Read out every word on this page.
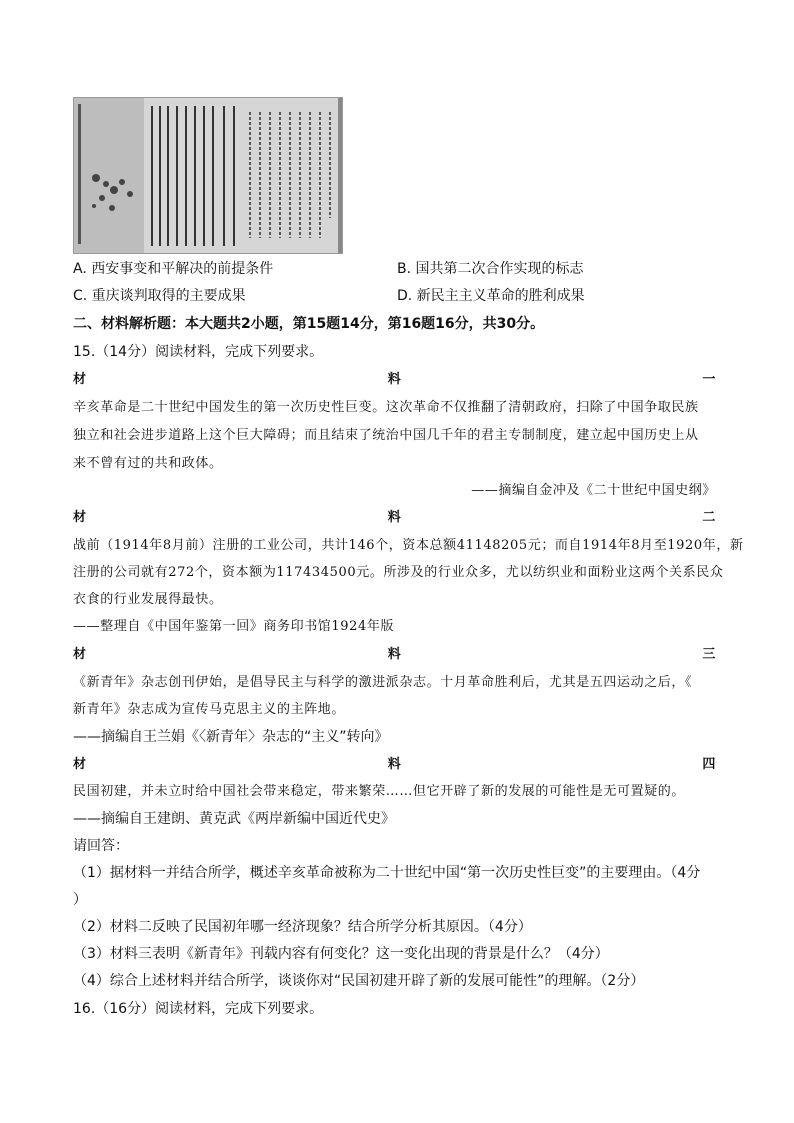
A. 西安事变和平解决的前提条件	B. 国共第二次合作实现的标志
C. 重庆谈判取得的主要成果	D. 新民主主义革命的胜利成果
二、材料解析题：本大题共2小题，第15题14分，第16题16分，共30分。
15.（14分）阅读材料，完成下列要求。
材	料	一
辛亥革命是二十世纪中国发生的第一次历史性巨变。这次革命不仅推翻了清朝政府，扫除了中国争取民族
独立和社会进步道路上这个巨大障碍；而且结束了统治中国几千年的君主专制制度，建立起中国历史上从
来不曾有过的共和政体。
——摘编自金冲及《二十世纪中国史纲》
材	料	二
战前（1914年8月前）注册的工业公司，共计146个，资本总额41148205元；而自1914年8月至1920年，新
注册的公司就有272个，资本额为117434500元。所涉及的行业众多，尤以纺织业和面粉业这两个关系民众
衣食的行业发展得最快。
——整理自《中国年鉴第一回》商务印书馆1924年版
材	料	三
《新青年》杂志创刊伊始，是倡导民主与科学的激进派杂志。十月革命胜利后，尤其是五四运动之后，《
新青年》杂志成为宣传马克思主义的主阵地。
——摘编自王兰娟《〈新青年〉杂志的“主义”转向》
材	料	四
民国初建，并未立时给中国社会带来稳定，带来繁荣……但它开辟了新的发展的可能性是无可置疑的。
——摘编自王建朗、黄克武《两岸新编中国近代史》
请回答：
（1）据材料一并结合所学，概述辛亥革命被称为二十世纪中国“第一次历史性巨变”的主要理由。（4分
）
（2）材料二反映了民国初年哪一经济现象？结合所学分析其原因。（4分）
（3）材料三表明《新青年》刊载内容有何变化？这一变化出现的背景是什么？（4分）
（4）综合上述材料并结合所学，谈谈你对“民国初建开辟了新的发展可能性”的理解。（2分）
16.（16分）阅读材料，完成下列要求。
